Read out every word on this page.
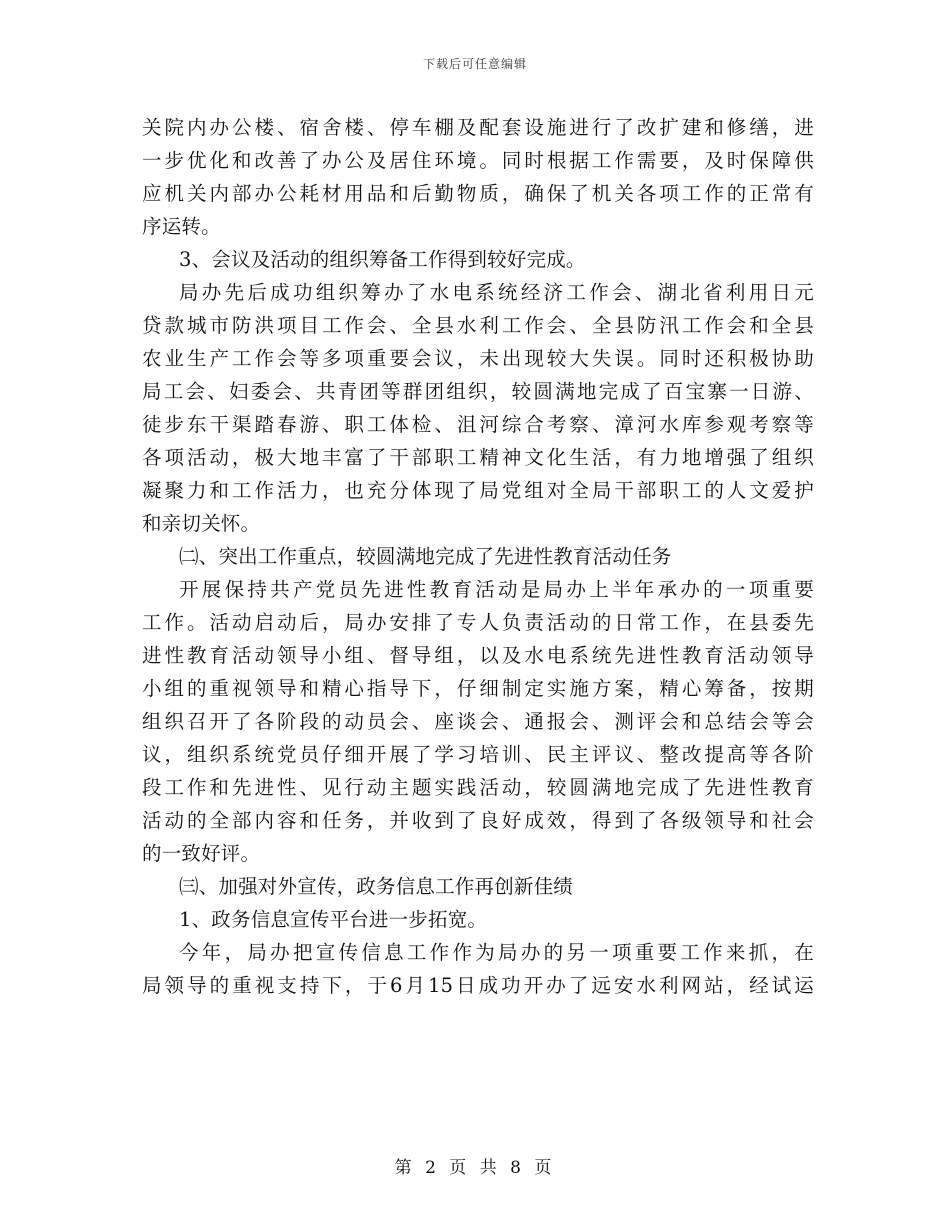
下载后可任意编辑
关院内办公楼、宿舍楼、停车棚及配套设施进行了改扩建和修缮，进
一步优化和改善了办公及居住环境。同时根据工作需要，及时保障供
应机关内部办公耗材用品和后勤物质，确保了机关各项工作的正常有
序运转。
3、会议及活动的组织筹备工作得到较好完成。
局办先后成功组织筹办了水电系统经济工作会、湖北省利用日元
贷款城市防洪项目工作会、全县水利工作会、全县防汛工作会和全县
农业生产工作会等多项重要会议，未出现较大失误。同时还积极协助
局工会、妇委会、共青团等群团组织，较圆满地完成了百宝寨一日游、
徒步东干渠踏春游、职工体检、沮河综合考察、漳河水库参观考察等
各项活动，极大地丰富了干部职工精神文化生活，有力地增强了组织
凝聚力和工作活力，也充分体现了局党组对全局干部职工的人文爱护
和亲切关怀。
㈡、突出工作重点，较圆满地完成了先进性教育活动任务
开展保持共产党员先进性教育活动是局办上半年承办的一项重要
工作。活动启动后，局办安排了专人负责活动的日常工作，在县委先
进性教育活动领导小组、督导组，以及水电系统先进性教育活动领导
小组的重视领导和精心指导下，仔细制定实施方案，精心筹备，按期
组织召开了各阶段的动员会、座谈会、通报会、测评会和总结会等会
议，组织系统党员仔细开展了学习培训、民主评议、整改提高等各阶
段工作和先进性、见行动主题实践活动，较圆满地完成了先进性教育
活动的全部内容和任务，并收到了良好成效，得到了各级领导和社会
的一致好评。
㈢、加强对外宣传，政务信息工作再创新佳绩
1、政务信息宣传平台进一步拓宽。
今年，局办把宣传信息工作作为局办的另一项重要工作来抓，在
局领导的重视支持下，于6月15日成功开办了远安水利网站，经试运
第 2 页 共 8 页
